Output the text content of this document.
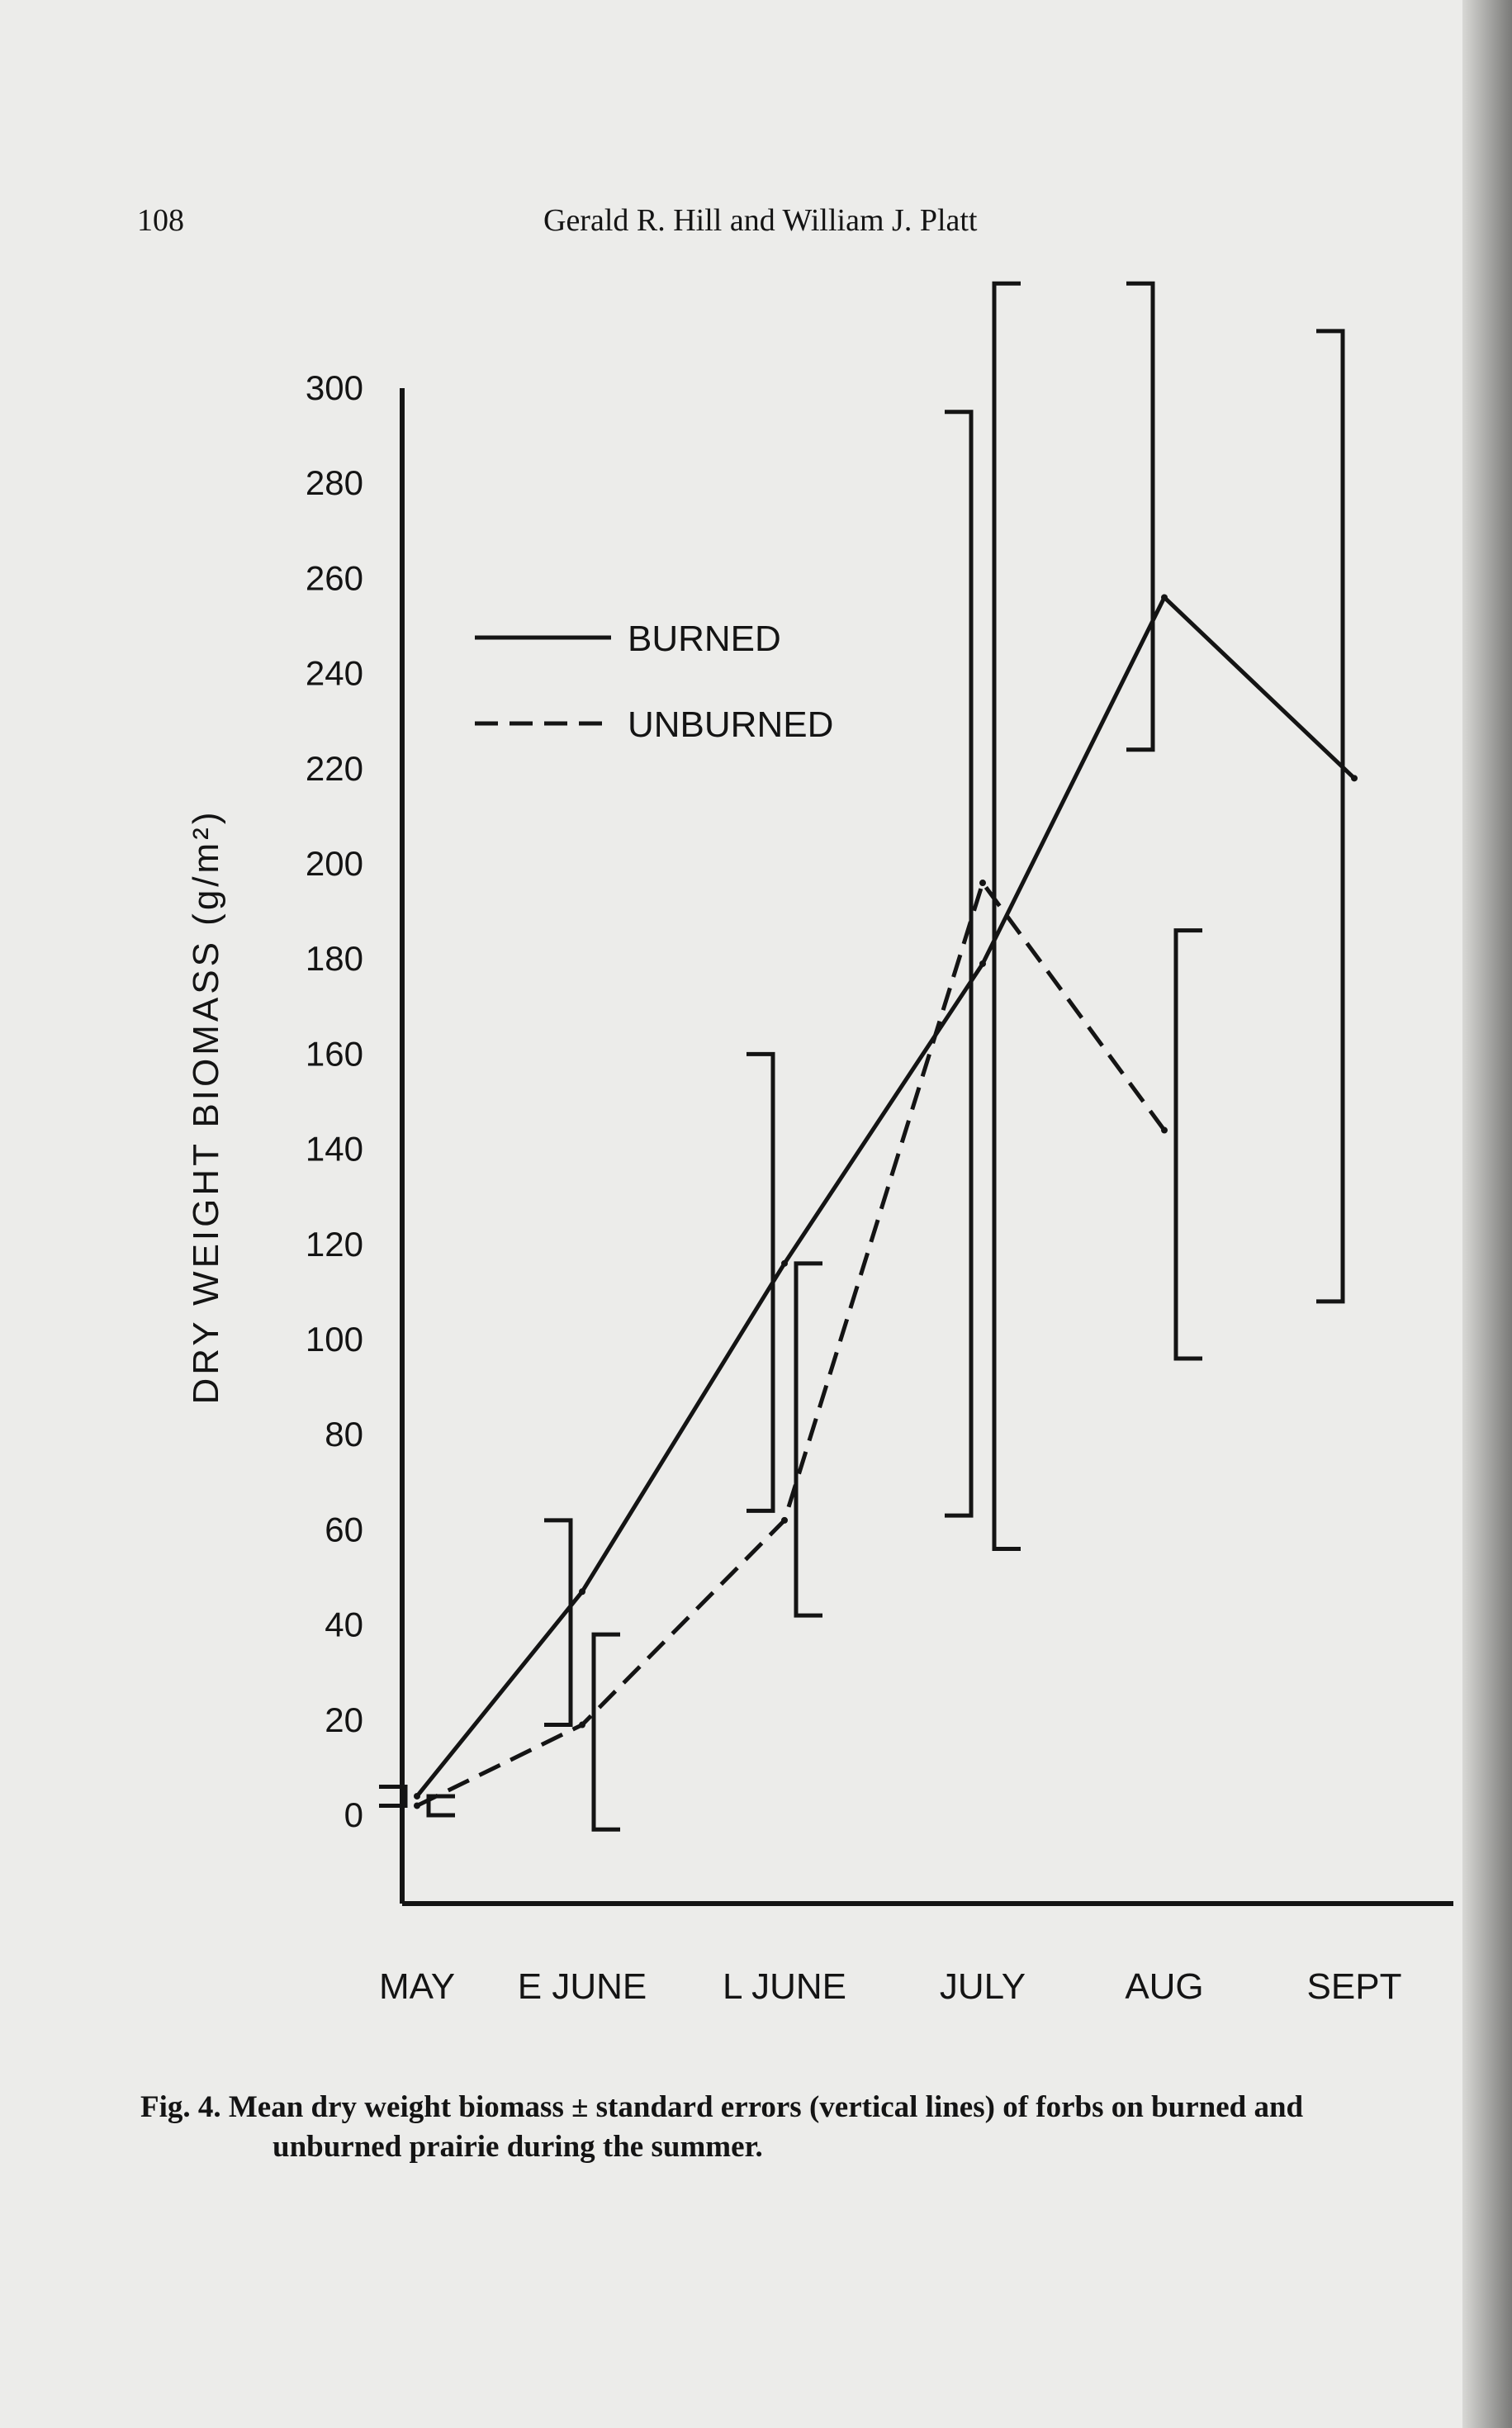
108	Gerald R. Hill and William J. Platt
0
20
40
60
80
100
120
140
160
180
200
220
240
260
280
300
DRY WEIGHT BIOMASS (g/m²)
MAY E JUNE L JUNE	JULY	AUG	SEPT
BURNED
UNBURNED
Fig. 4. Mean dry weight biomass ± standard errors (vertical lines) of forbs on burned and
unburned prairie during the summer.
